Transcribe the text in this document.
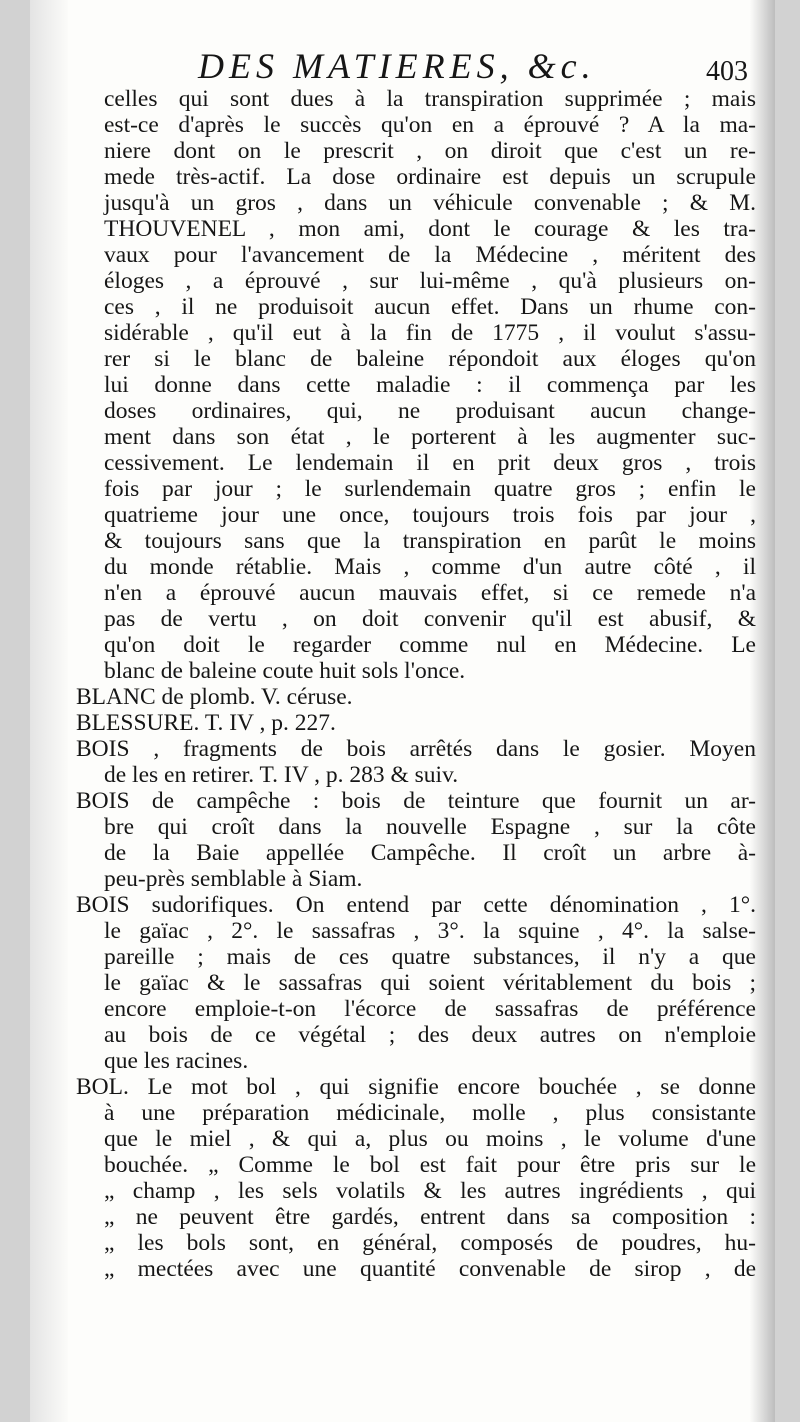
DES MATIERES, &c.	403
celles qui sont dues à la transpiration supprimée ; mais
est-ce d'après le succès qu'on en a éprouvé ? A la ma-
niere dont on le prescrit , on diroit que c'est un re-
mede très-actif. La dose ordinaire est depuis un scrupule
jusqu'à un gros , dans un véhicule convenable ; & M.
THOUVENEL , mon ami, dont le courage & les tra-
vaux pour l'avancement de la Médecine , méritent des
éloges , a éprouvé , sur lui-même , qu'à plusieurs on-
ces , il ne produisoit aucun effet. Dans un rhume con-
sidérable , qu'il eut à la fin de 1775 , il voulut s'assu-
rer si le blanc de baleine répondoit aux éloges qu'on
lui donne dans cette maladie : il commença par les
doses ordinaires, qui, ne produisant aucun change-
ment dans son état , le porterent à les augmenter suc-
cessivement. Le lendemain il en prit deux gros , trois
fois par jour ; le surlendemain quatre gros ; enfin le
quatrieme jour une once, toujours trois fois par jour ,
& toujours sans que la transpiration en parût le moins
du monde rétablie. Mais , comme d'un autre côté , il
n'en a éprouvé aucun mauvais effet, si ce remede n'a
pas de vertu , on doit convenir qu'il est abusif, &
qu'on doit le regarder comme nul en Médecine. Le
blanc de baleine coute huit sols l'once.
BLANC de plomb. V. céruse.
BLESSURE. T. IV , p. 227.
BOIS , fragments de bois arrêtés dans le gosier. Moyen
de les en retirer. T. IV , p. 283 & suiv.
BOIS de campêche : bois de teinture que fournit un ar-
bre qui croît dans la nouvelle Espagne , sur la côte
de la Baie appellée Campêche. Il croît un arbre à-
peu-près semblable à Siam.
BOIS sudorifiques. On entend par cette dénomination , 1°.
le gaïac , 2°. le sassafras , 3°. la squine , 4°. la salse-
pareille ; mais de ces quatre substances, il n'y a que
le gaïac & le sassafras qui soient véritablement du bois ;
encore emploie-t-on l'écorce de sassafras de préférence
au bois de ce végétal ; des deux autres on n'emploie
que les racines.
BOL. Le mot bol , qui signifie encore bouchée , se donne
à une préparation médicinale, molle , plus consistante
que le miel , & qui a, plus ou moins , le volume d'une
bouchée. „ Comme le bol est fait pour être pris sur le
„ champ , les sels volatils & les autres ingrédients , qui
„ ne peuvent être gardés, entrent dans sa composition :
„ les bols sont, en général, composés de poudres, hu-
„ mectées avec une quantité convenable de sirop , de
